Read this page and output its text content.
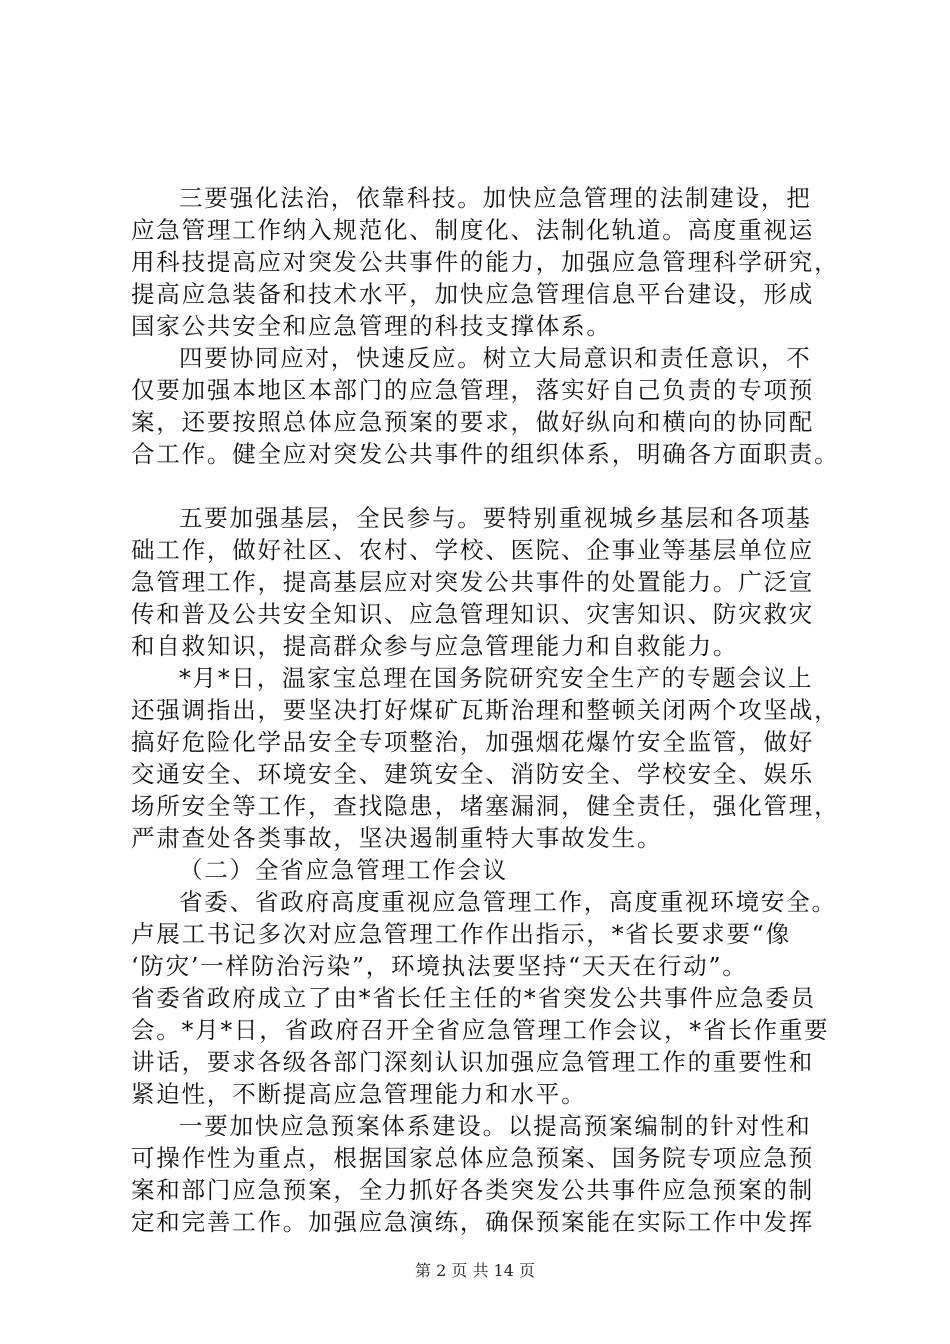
三要强化法治，依靠科技。加快应急管理的法制建设，把
应急管理工作纳入规范化、制度化、法制化轨道。高度重视运
用科技提高应对突发公共事件的能力，加强应急管理科学研究，
提高应急装备和技术水平，加快应急管理信息平台建设，形成
国家公共安全和应急管理的科技支撑体系。
四要协同应对，快速反应。树立大局意识和责任意识，不
仅要加强本地区本部门的应急管理，落实好自己负责的专项预
案，还要按照总体应急预案的要求，做好纵向和横向的协同配
合工作。健全应对突发公共事件的组织体系，明确各方面职责。
五要加强基层，全民参与。要特别重视城乡基层和各项基
础工作，做好社区、农村、学校、医院、企事业等基层单位应
急管理工作，提高基层应对突发公共事件的处置能力。广泛宣
传和普及公共安全知识、应急管理知识、灾害知识、防灾救灾
和自救知识，提高群众参与应急管理能力和自救能力。
*月*日，温家宝总理在国务院研究安全生产的专题会议上
还强调指出，要坚决打好煤矿瓦斯治理和整顿关闭两个攻坚战，
搞好危险化学品安全专项整治，加强烟花爆竹安全监管，做好
交通安全、环境安全、建筑安全、消防安全、学校安全、娱乐
场所安全等工作，查找隐患，堵塞漏洞，健全责任，强化管理，
严肃查处各类事故，坚决遏制重特大事故发生。
（二）全省应急管理工作会议
省委、省政府高度重视应急管理工作，高度重视环境安全。
卢展工书记多次对应急管理工作作出指示，*省长要求要“像
‘防灾’一样防治污染”，环境执法要坚持“天天在行动”。
省委省政府成立了由*省长任主任的*省突发公共事件应急委员
会。*月*日，省政府召开全省应急管理工作会议，*省长作重要
讲话，要求各级各部门深刻认识加强应急管理工作的重要性和
紧迫性，不断提高应急管理能力和水平。
一要加快应急预案体系建设。以提高预案编制的针对性和
可操作性为重点，根据国家总体应急预案、国务院专项应急预
案和部门应急预案，全力抓好各类突发公共事件应急预案的制
定和完善工作。加强应急演练，确保预案能在实际工作中发挥
第 2 页 共 14 页
